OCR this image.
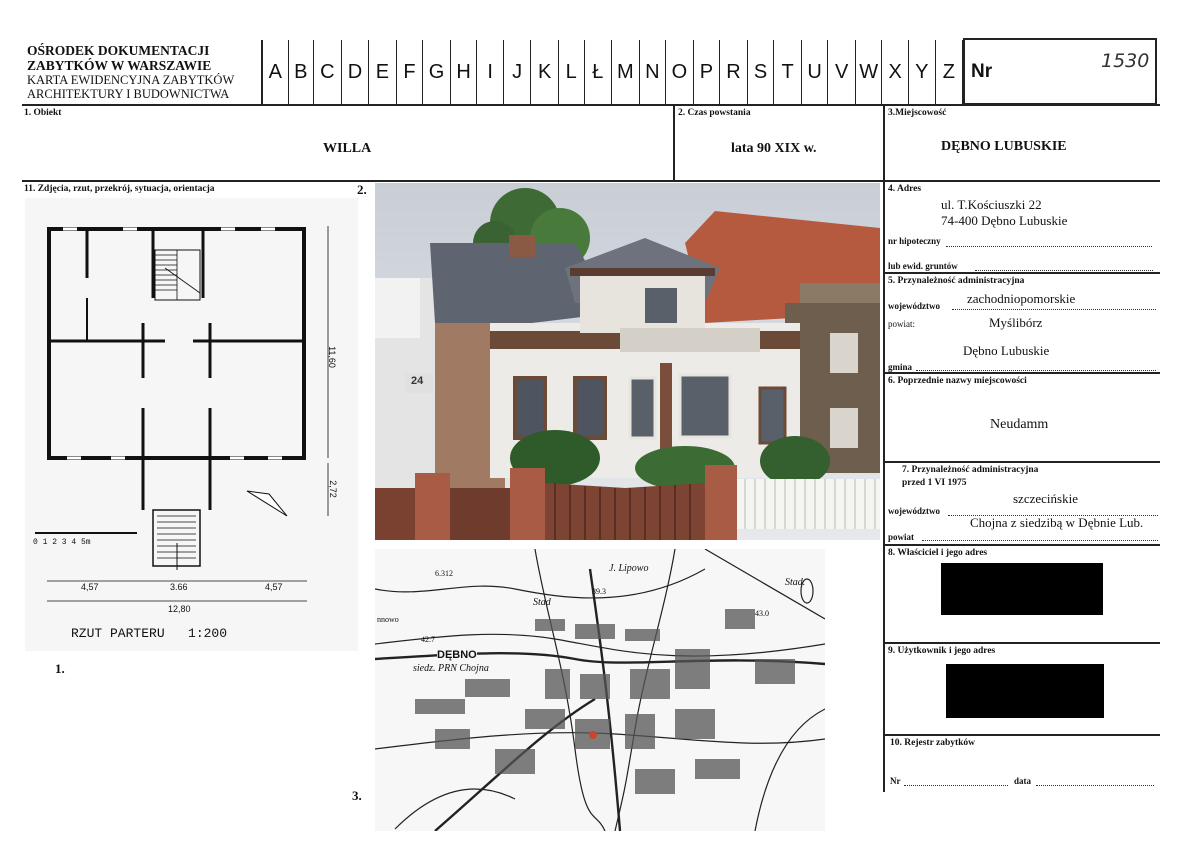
OŚRODEK DOKUMENTACJI
ZABYTKÓW W WARSZAWIE
KARTA EWIDENCYJNA ZABYTKÓW
ARCHITEKTURY I BUDOWNICTWA
A B C D E F G H I J K L Ł M N O P R S T U V W X Y Z Nr	1530
1. Obiekt
WILLA
2. Czas powstania
lata 90 XIX w.
3.Miejscowość
DĘBNO LUBUSKIE
11. Zdjęcia, rzut, przekrój, sytuacja, orientacja	2.	4. Adres
ul. T.Kościuszki 22
74-400 Dębno Lubuskie
nr hipoteczny
lub ewid. gruntów
5. Przynależność administracyjna
województwo zachodniopomorskie
powiat:	Myślibórz
gmina
Dębno Lubuskie
6. Poprzednie nazwy miejscowości
Neudamm
7. Przynależność administracyjna
przed 1 VI 1975
szczecińskie
województwo
Chojna z siedzibą w Dębnie Lub.
powiat
8. Właściciel i jego adres
9. Użytkownik i jego adres
10. Rejestr zabytków
Nr	data
0 1 2 3 4 5m
4,57	3.66	4,57
12,80
11,60
2,72
RZUT PARTERU   1:200
1.
24
J. Lipowo
Stad.
Stad
DĘBNO
siedz. PRN Chojna
39.3
43.0
42.7
6.312
nnowo
3.
